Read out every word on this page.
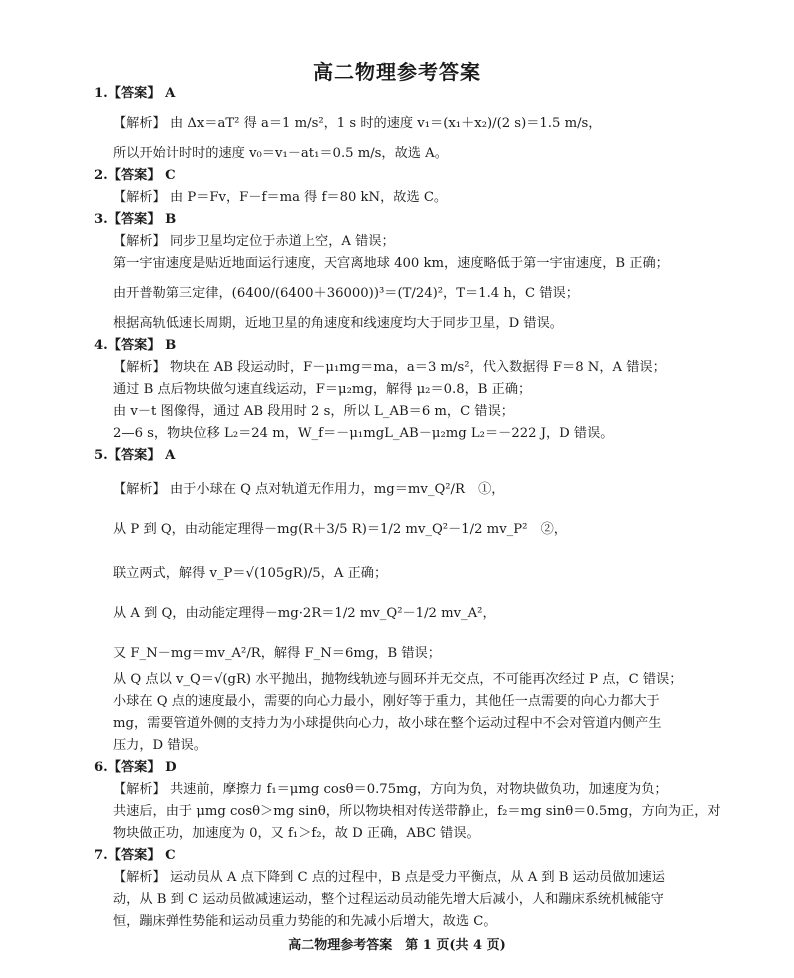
高二物理参考答案
1.【答案】 A
【解析】 由 Δx＝aT² 得 a＝1 m/s²，1 s 时的速度 v₁＝(x₁＋x₂)/(2 s)＝1.5 m/s，
所以开始计时时的速度 v₀＝v₁－at₁＝0.5 m/s，故选 A。
2.【答案】 C
【解析】 由 P＝Fv，F－f＝ma 得 f＝80 kN，故选 C。
3.【答案】 B
【解析】 同步卫星均定位于赤道上空，A 错误；
第一宇宙速度是贴近地面运行速度，天宫离地球 400 km，速度略低于第一宇宙速度，B 正确；
由开普勒第三定律，(6400/(6400＋36000))³＝(T/24)²，T＝1.4 h，C 错误；
根据高轨低速长周期，近地卫星的角速度和线速度均大于同步卫星，D 错误。
4.【答案】 B
【解析】 物块在 AB 段运动时，F－μ₁mg＝ma，a＝3 m/s²，代入数据得 F＝8 N，A 错误；
通过 B 点后物块做匀速直线运动，F＝μ₂mg，解得 μ₂＝0.8，B 正确；
由 v－t 图像得，通过 AB 段用时 2 s，所以 L_AB＝6 m，C 错误；
2—6 s，物块位移 L₂＝24 m，W_f＝－μ₁mgL_AB－μ₂mg L₂＝－222 J，D 错误。
5.【答案】 A
【解析】 由于小球在 Q 点对轨道无作用力，mg＝mv_Q²/R　①，
从 P 到 Q，由动能定理得－mg(R＋3/5 R)＝1/2 mv_Q²－1/2 mv_P²　②，
联立两式，解得 v_P＝√(105gR)/5，A 正确；
从 A 到 Q，由动能定理得－mg·2R＝1/2 mv_Q²－1/2 mv_A²，
又 F_N－mg＝mv_A²/R，解得 F_N＝6mg，B 错误；
从 Q 点以 v_Q＝√(gR) 水平抛出，抛物线轨迹与圆环并无交点，不可能再次经过 P 点，C 错误；
小球在 Q 点的速度最小，需要的向心力最小，刚好等于重力，其他任一点需要的向心力都大于
mg，需要管道外侧的支持力为小球提供向心力，故小球在整个运动过程中不会对管道内侧产生
压力，D 错误。
6.【答案】 D
【解析】 共速前，摩擦力 f₁＝μmg cosθ＝0.75mg，方向为负，对物块做负功，加速度为负；
共速后，由于 μmg cosθ＞mg sinθ，所以物块相对传送带静止，f₂＝mg sinθ＝0.5mg，方向为正，对
物块做正功，加速度为 0，又 f₁＞f₂，故 D 正确，ABC 错误。
7.【答案】 C
【解析】 运动员从 A 点下降到 C 点的过程中，B 点是受力平衡点，从 A 到 B 运动员做加速运
动，从 B 到 C 运动员做减速运动，整个过程运动员动能先增大后减小，人和蹦床系统机械能守
恒，蹦床弹性势能和运动员重力势能的和先减小后增大，故选 C。
高二物理参考答案　第 1 页(共 4 页)
